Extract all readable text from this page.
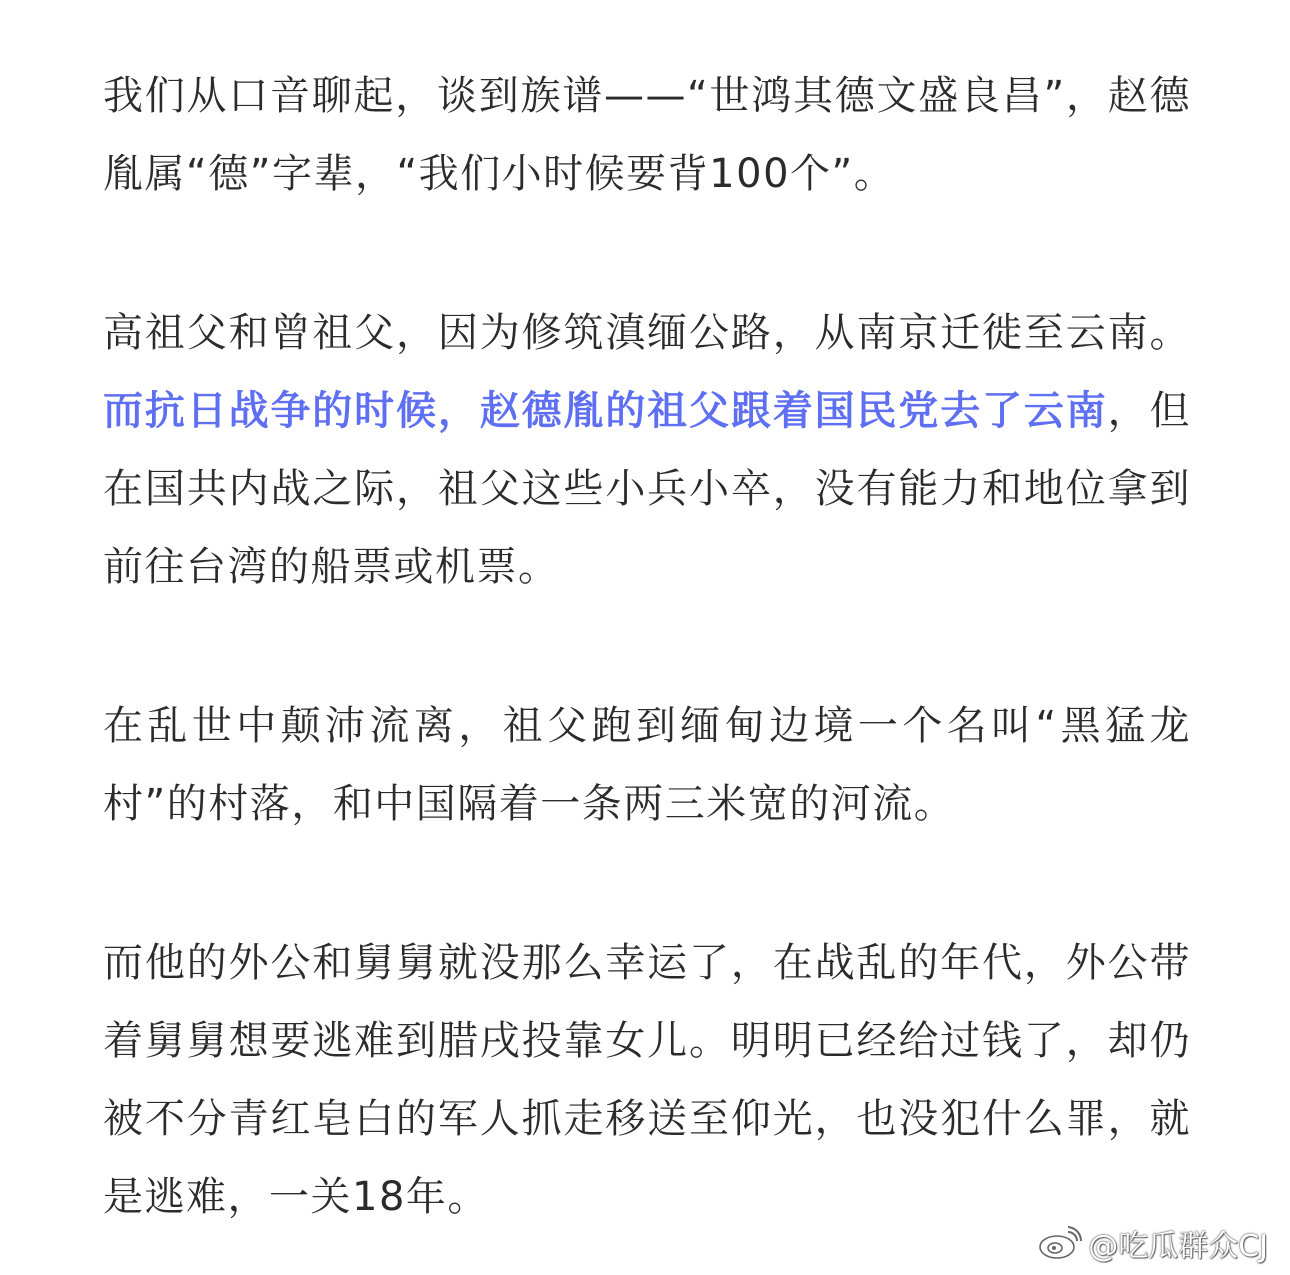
我们从口音聊起，谈到族谱——“世鸿其德文盛良昌”，赵德胤属“德”字辈，“我们小时候要背100个”。

高祖父和曾祖父，因为修筑滇缅公路，从南京迁徙至云南。而抗日战争的时候，赵德胤的祖父跟着国民党去了云南，但在国共内战之际，祖父这些小兵小卒，没有能力和地位拿到前往台湾的船票或机票。

在乱世中颠沛流离，祖父跑到缅甸边境一个名叫“黑猛龙村”的村落，和中国隔着一条两三米宽的河流。

而他的外公和舅舅就没那么幸运了，在战乱的年代，外公带着舅舅想要逃难到腊戌投靠女儿。明明已经给过钱了，却仍被不分青红皂白的军人抓走移送至仰光，也没犯什么罪，就是逃难，一关18年。

@吃瓜群众CJ
